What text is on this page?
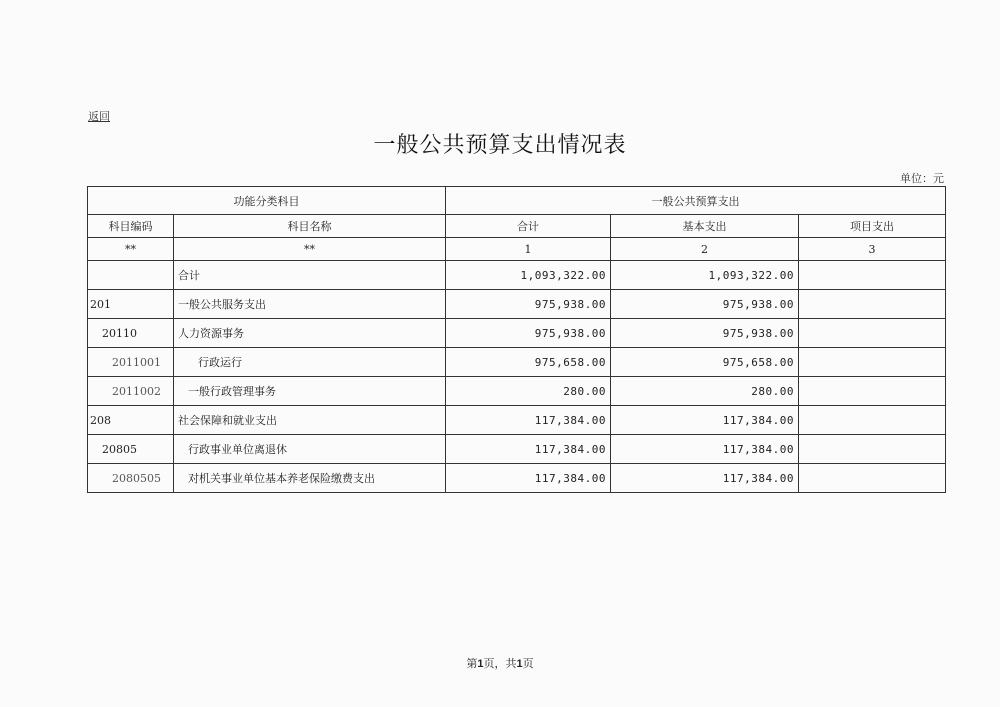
返回
一般公共预算支出情况表
单位：元
功能分类科目		一般公共预算支出		
科目编码	科目名称	合计	基本支出	项目支出
**	**	1	2	3
	合计	1,093,322.00	1,093,322.00	
201	一般公共服务支出	975,938.00	975,938.00	
20110	人力资源事务	975,938.00	975,938.00	
2011001	行政运行	975,658.00	975,658.00	
2011002	一般行政管理事务	280.00	280.00	
208	社会保障和就业支出	117,384.00	117,384.00	
20805	行政事业单位离退休	117,384.00	117,384.00	
2080505	对机关事业单位基本养老保险缴费支出	117,384.00	117,384.00	
第1页，共1页
